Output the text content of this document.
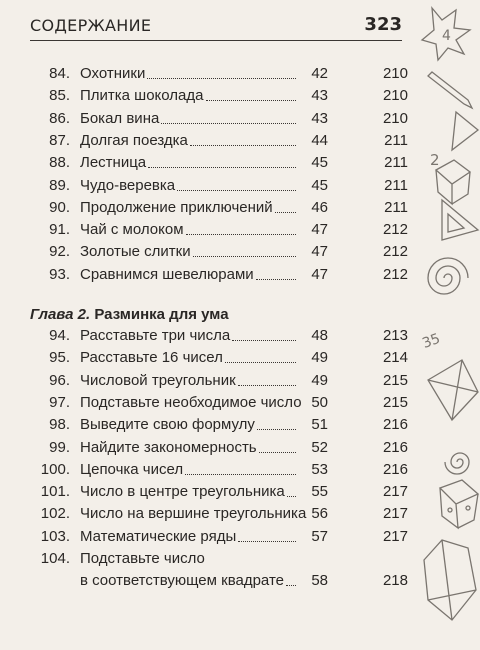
СОДЕРЖАНИЕ	323
Глава 2. Разминка для ума
84. Охотники	42	210
85. Плитка шоколада	43	210
86. Бокал вина	43	210
87. Долгая поездка	44	211
88. Лестница	45	211
89. Чудо-веревка	45	211
90. Продолжение приключений	46	211
91. Чай с молоком	47	212
92. Золотые слитки	47	212
93. Сравнимся шевелюрами	47	212
94. Расставьте три числа	48	213
95. Расставьте 16 чисел	49	214
96. Числовой треугольник	49	215
97. Подставьте необходимое число 50	215
98. Выведите свою формулу	51	216
99. Найдите закономерность	52	216
100. Цепочка чисел	53	216
101. Число в центре треугольника	55	217
102. Число на вершине треугольника 56	217
103. Математические ряды	57	217
104. Подставьте число
в соответствующем квадрате	58	218
4
2
35
